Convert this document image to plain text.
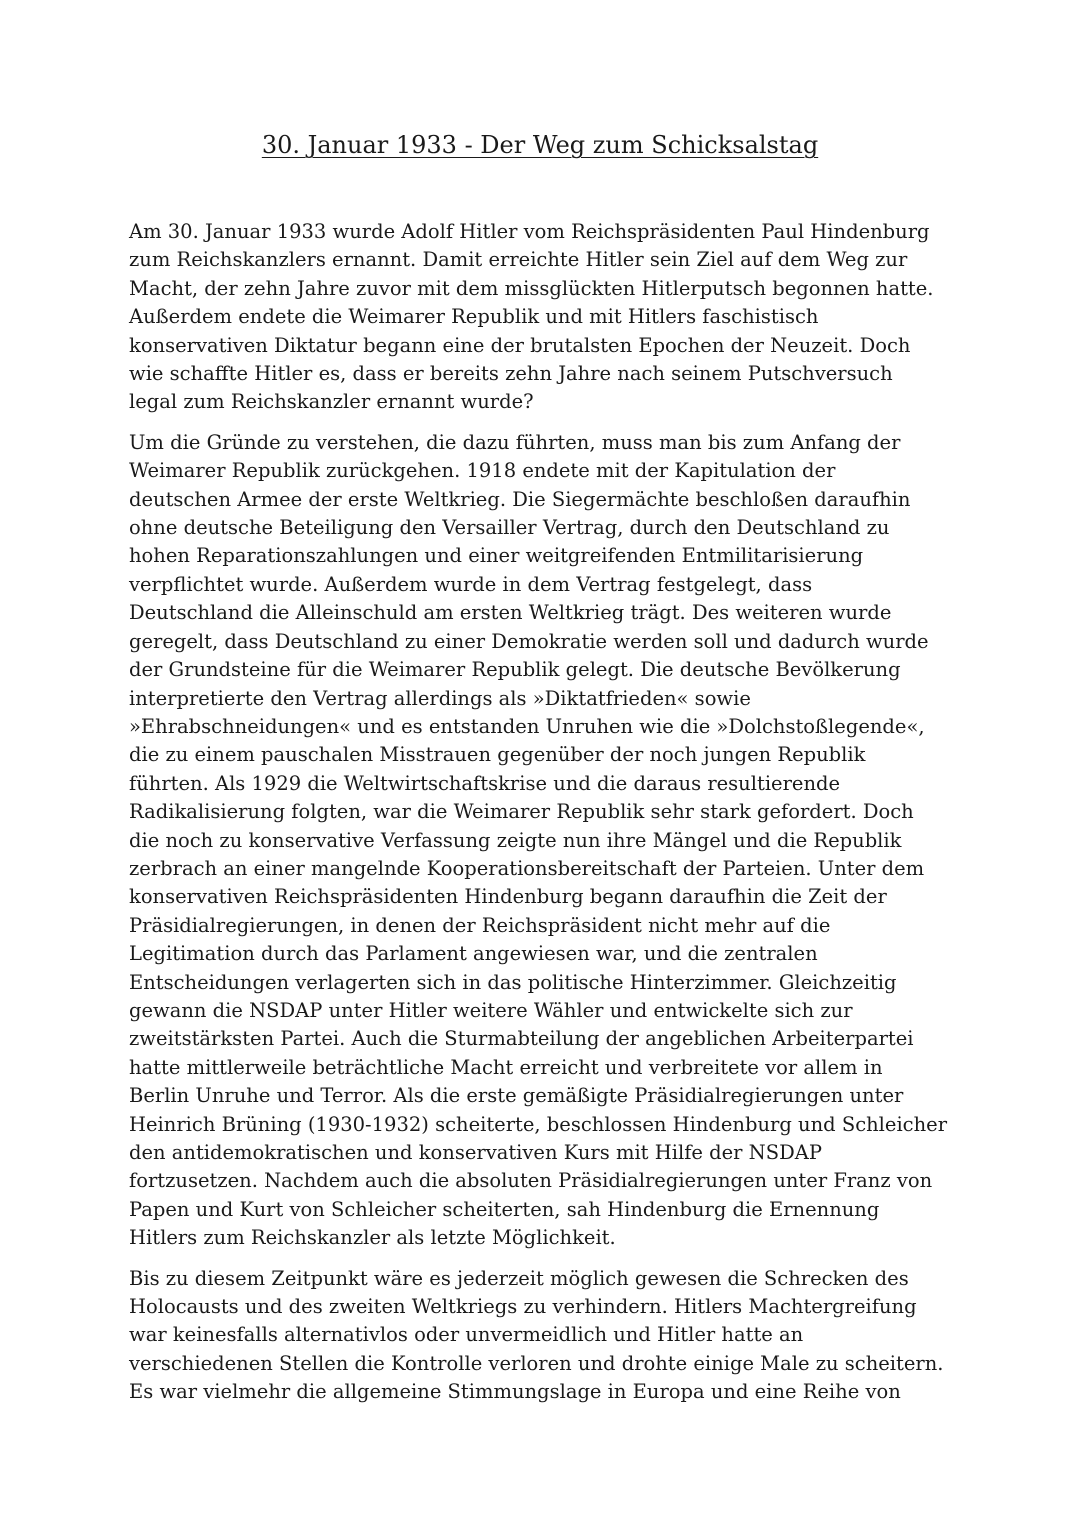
30. Januar 1933 - Der Weg zum Schicksalstag

Am 30. Januar 1933 wurde Adolf Hitler vom Reichspräsidenten Paul Hindenburg
zum Reichskanzlers ernannt. Damit erreichte Hitler sein Ziel auf dem Weg zur
Macht, der zehn Jahre zuvor mit dem missglückten Hitlerputsch begonnen hatte.
Außerdem endete die Weimarer Republik und mit Hitlers faschistisch
konservativen Diktatur begann eine der brutalsten Epochen der Neuzeit. Doch
wie schaffte Hitler es, dass er bereits zehn Jahre nach seinem Putschversuch
legal zum Reichskanzler ernannt wurde?

Um die Gründe zu verstehen, die dazu führten, muss man bis zum Anfang der
Weimarer Republik zurückgehen. 1918 endete mit der Kapitulation der
deutschen Armee der erste Weltkrieg. Die Siegermächte beschloßen daraufhin
ohne deutsche Beteiligung den Versailler Vertrag, durch den Deutschland zu
hohen Reparationszahlungen und einer weitgreifenden Entmilitarisierung
verpflichtet wurde. Außerdem wurde in dem Vertrag festgelegt, dass
Deutschland die Alleinschuld am ersten Weltkrieg trägt. Des weiteren wurde
geregelt, dass Deutschland zu einer Demokratie werden soll und dadurch wurde
der Grundsteine für die Weimarer Republik gelegt. Die deutsche Bevölkerung
interpretierte den Vertrag allerdings als »Diktatfrieden« sowie
»Ehrabschneidungen« und es entstanden Unruhen wie die »Dolchstoßlegende«,
die zu einem pauschalen Misstrauen gegenüber der noch jungen Republik
führten. Als 1929 die Weltwirtschaftskrise und die daraus resultierende
Radikalisierung folgten, war die Weimarer Republik sehr stark gefordert. Doch
die noch zu konservative Verfassung zeigte nun ihre Mängel und die Republik
zerbrach an einer mangelnde Kooperationsbereitschaft der Parteien. Unter dem
konservativen Reichspräsidenten Hindenburg begann daraufhin die Zeit der
Präsidialregierungen, in denen der Reichspräsident nicht mehr auf die
Legitimation durch das Parlament angewiesen war, und die zentralen
Entscheidungen verlagerten sich in das politische Hinterzimmer. Gleichzeitig
gewann die NSDAP unter Hitler weitere Wähler und entwickelte sich zur
zweitstärksten Partei. Auch die Sturmabteilung der angeblichen Arbeiterpartei
hatte mittlerweile beträchtliche Macht erreicht und verbreitete vor allem in
Berlin Unruhe und Terror. Als die erste gemäßigte Präsidialregierungen unter
Heinrich Brüning (1930-1932) scheiterte, beschlossen Hindenburg und Schleicher
den antidemokratischen und konservativen Kurs mit Hilfe der NSDAP
fortzusetzen. Nachdem auch die absoluten Präsidialregierungen unter Franz von
Papen und Kurt von Schleicher scheiterten, sah Hindenburg die Ernennung
Hitlers zum Reichskanzler als letzte Möglichkeit.

Bis zu diesem Zeitpunkt wäre es jederzeit möglich gewesen die Schrecken des
Holocausts und des zweiten Weltkriegs zu verhindern. Hitlers Machtergreifung
war keinesfalls alternativlos oder unvermeidlich und Hitler hatte an
verschiedenen Stellen die Kontrolle verloren und drohte einige Male zu scheitern.
Es war vielmehr die allgemeine Stimmungslage in Europa und eine Reihe von
